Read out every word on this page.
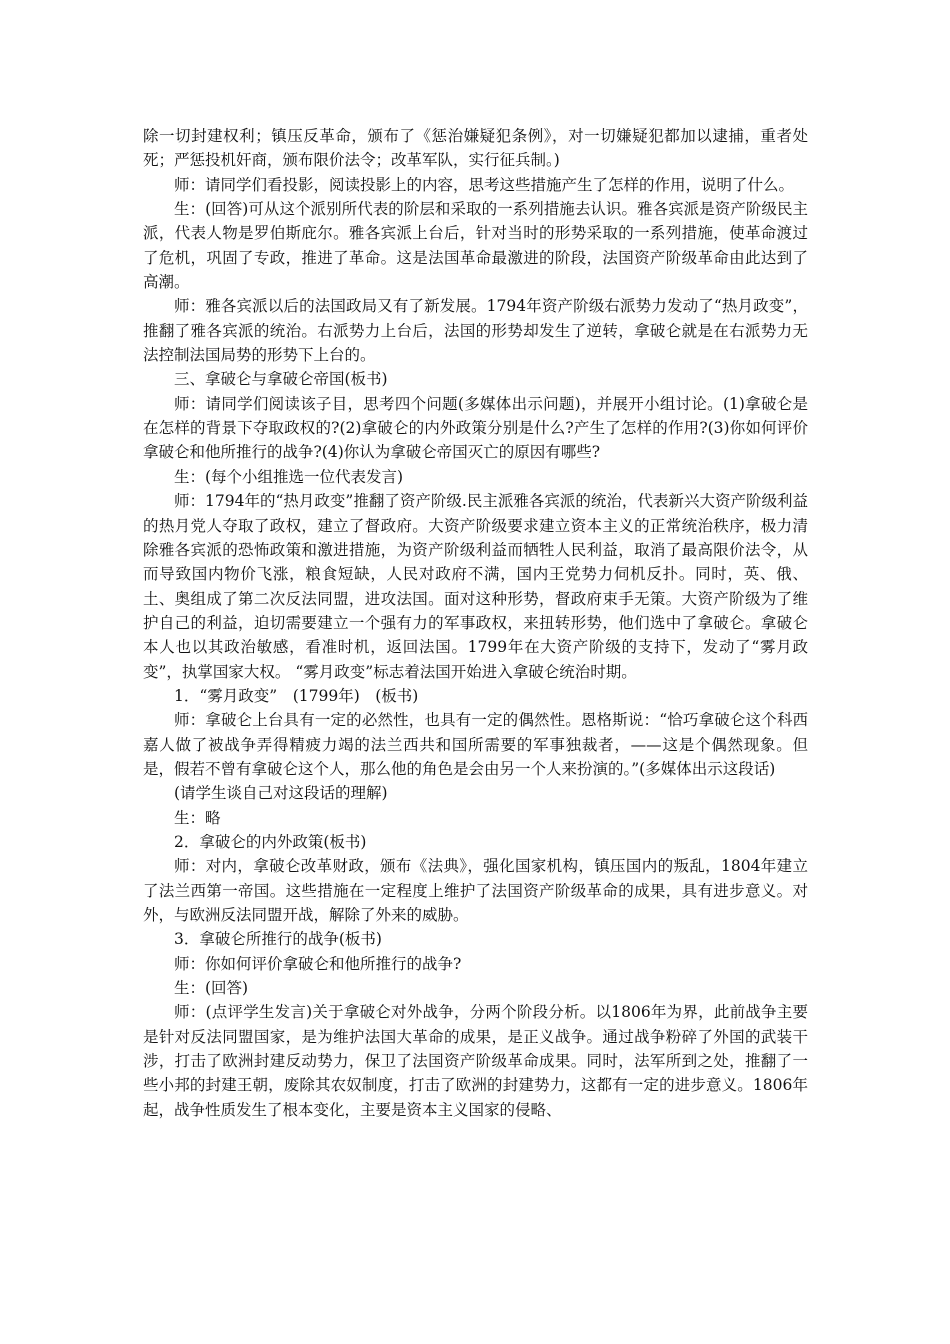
除一切封建权利；镇压反革命，颁布了《惩治嫌疑犯条例》，对一切嫌疑犯都加以逮捕，重者处死；严惩投机奸商，颁布限价法令；改革军队，实行征兵制。)

师：请同学们看投影，阅读投影上的内容，思考这些措施产生了怎样的作用，说明了什么。

生：(回答)可从这个派别所代表的阶层和采取的一系列措施去认识。雅各宾派是资产阶级民主派，代表人物是罗伯斯庇尔。雅各宾派上台后，针对当时的形势采取的一系列措施，使革命渡过了危机，巩固了专政，推进了革命。这是法国革命最激进的阶段，法国资产阶级革命由此达到了高潮。

师：雅各宾派以后的法国政局又有了新发展。1794年资产阶级右派势力发动了“热月政变”，推翻了雅各宾派的统治。右派势力上台后，法国的形势却发生了逆转，拿破仑就是在右派势力无法控制法国局势的形势下上台的。

三、拿破仑与拿破仑帝国(板书)

师：请同学们阅读该子目，思考四个问题(多媒体出示问题)，并展开小组讨论。(1)拿破仑是在怎样的背景下夺取政权的?(2)拿破仑的内外政策分别是什么?产生了怎样的作用?(3)你如何评价拿破仑和他所推行的战争?(4)你认为拿破仑帝国灭亡的原因有哪些?

生：(每个小组推选一位代表发言)

师：1794年的“热月政变”推翻了资产阶级.民主派雅各宾派的统治，代表新兴大资产阶级利益的热月党人夺取了政权，建立了督政府。大资产阶级要求建立资本主义的正常统治秩序，极力清除雅各宾派的恐怖政策和激进措施，为资产阶级利益而牺牲人民利益，取消了最高限价法令，从而导致国内物价飞涨，粮食短缺，人民对政府不满，国内王党势力伺机反扑。同时，英、俄、土、奥组成了第二次反法同盟，进攻法国。面对这种形势，督政府束手无策。大资产阶级为了维护自己的利益，迫切需要建立一个强有力的军事政权，来扭转形势，他们选中了拿破仑。拿破仑本人也以其政治敏感，看准时机，返回法国。1799年在大资产阶级的支持下，发动了“雾月政变”，执掌国家大权。 “雾月政变”标志着法国开始进入拿破仑统治时期。

1．“雾月政变”　(1799年)　(板书)

师：拿破仑上台具有一定的必然性，也具有一定的偶然性。恩格斯说：“恰巧拿破仑这个科西嘉人做了被战争弄得精疲力竭的法兰西共和国所需要的军事独裁者，——这是个偶然现象。但是，假若不曾有拿破仑这个人，那么他的角色是会由另一个人来扮演的。”(多媒体出示这段话)

(请学生谈自己对这段话的理解)

生：略

2．拿破仑的内外政策(板书)

师：对内，拿破仑改革财政，颁布《法典》，强化国家机构，镇压国内的叛乱，1804年建立了法兰西第一帝国。这些措施在一定程度上维护了法国资产阶级革命的成果，具有进步意义。对外，与欧洲反法同盟开战，解除了外来的威胁。

3．拿破仑所推行的战争(板书)

师：你如何评价拿破仑和他所推行的战争?

生：(回答)

师：(点评学生发言)关于拿破仑对外战争，分两个阶段分析。以1806年为界，此前战争主要是针对反法同盟国家，是为维护法国大革命的成果，是正义战争。通过战争粉碎了外国的武装干涉，打击了欧洲封建反动势力，保卫了法国资产阶级革命成果。同时，法军所到之处，推翻了一些小邦的封建王朝，废除其农奴制度，打击了欧洲的封建势力，这都有一定的进步意义。1806年起，战争性质发生了根本变化，主要是资本主义国家的侵略、
